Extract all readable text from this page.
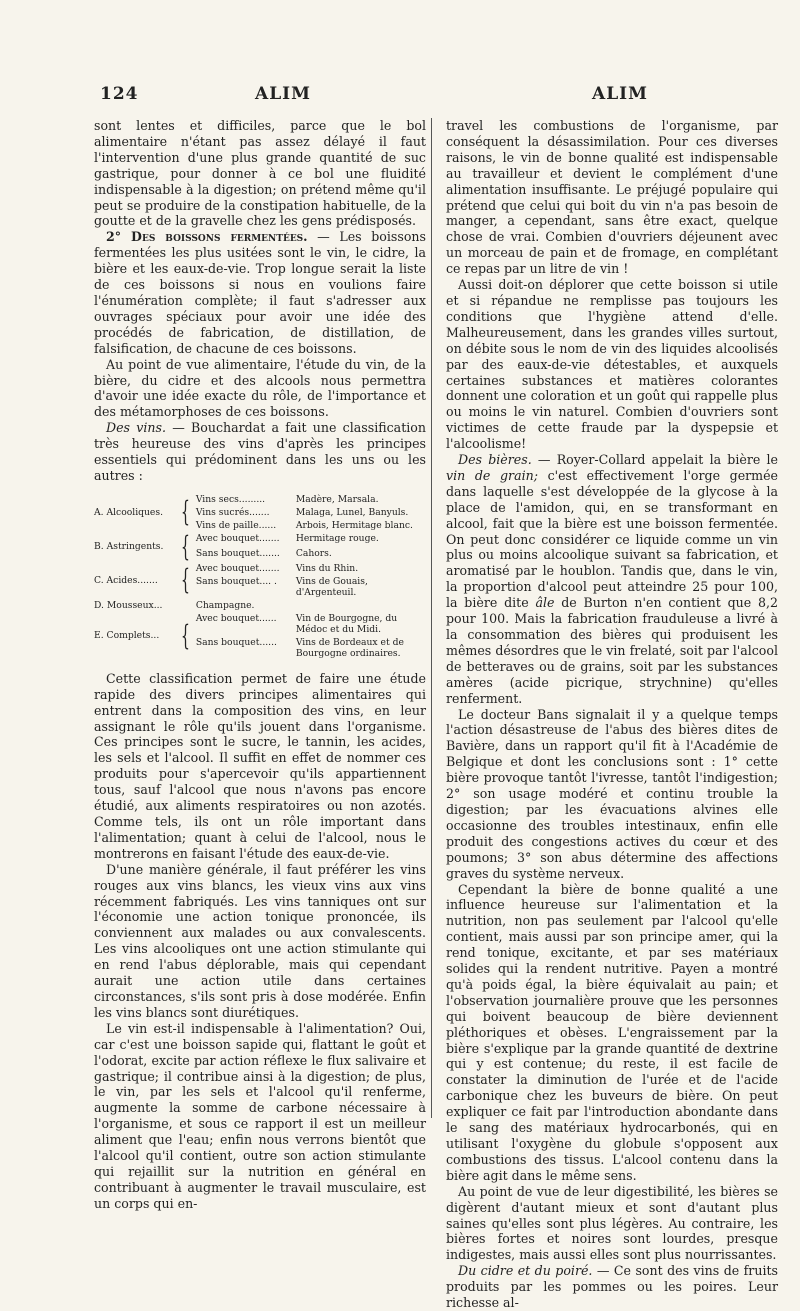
124	ALIM	ALIM

sont lentes et difficiles, parce que le bol alimentaire n'étant pas assez délayé il faut l'intervention d'une plus grande quantité de suc gastrique, pour donner à ce bol une fluidité indispensable à la digestion; on prétend même qu'il peut se produire de la constipation habituelle, de la goutte et de la gravelle chez les gens prédisposés.

2° Des boissons fermentées. — Les boissons fermentées les plus usitées sont le vin, le cidre, la bière et les eaux-de-vie. Trop longue serait la liste de ces boissons si nous en voulions faire l'énumération complète; il faut s'adresser aux ouvrages spéciaux pour avoir une idée des procédés de fabrication, de distillation, de falsification, de chacune de ces boissons.

Au point de vue alimentaire, l'étude du vin, de la bière, du cidre et des alcools nous permettra d'avoir une idée exacte du rôle, de l'importance et des métamorphoses de ces boissons.

Des vins. — Bouchardat a fait une classification très heureuse des vins d'après les principes essentiels qui prédominent dans les uns ou les autres :

A. Alcooliques.	{	Vins secs.........	Madère, Marsala.
		Vins sucrés.......	Malaga, Lunel, Banyuls.
		Vins de paille......	Arbois, Hermitage blanc.
B. Astringents.	{	Avec bouquet.......	Hermitage rouge.
		Sans bouquet.......	Cahors.
C. Acides.......	{	Avec bouquet.......	Vins du Rhin.
		Sans bouquet.... .	Vins de Gouais, d'Argenteuil.
D. Mousseux...		Champagne.	
E. Complets...	{	Avec bouquet......	Vin de Bourgogne, du Médoc et du Midi.
		Sans bouquet......	Vins de Bordeaux et de Bourgogne ordinaires.

Cette classification permet de faire une étude rapide des divers principes alimentaires qui entrent dans la composition des vins, en leur assignant le rôle qu'ils jouent dans l'organisme. Ces principes sont le sucre, le tannin, les acides, les sels et l'alcool. Il suffit en effet de nommer ces produits pour s'apercevoir qu'ils appartiennent tous, sauf l'alcool que nous n'avons pas encore étudié, aux aliments respiratoires ou non azotés. Comme tels, ils ont un rôle important dans l'alimentation; quant à celui de l'alcool, nous le montrerons en faisant l'étude des eaux-de-vie.

D'une manière générale, il faut préférer les vins rouges aux vins blancs, les vieux vins aux vins récemment fabriqués. Les vins tanniques ont sur l'économie une action tonique prononcée, ils conviennent aux malades ou aux convalescents. Les vins alcooliques ont une action stimulante qui en rend l'abus déplorable, mais qui cependant aurait une action utile dans certaines circonstances, s'ils sont pris à dose modérée. Enfin les vins blancs sont diurétiques.

Le vin est-il indispensable à l'alimentation? Oui, car c'est une boisson sapide qui, flattant le goût et l'odorat, excite par action réflexe le flux salivaire et gastrique; il contribue ainsi à la digestion; de plus, le vin, par les sels et l'alcool qu'il renferme, augmente la somme de carbone nécessaire à l'organisme, et sous ce rapport il est un meilleur aliment que l'eau; enfin nous verrons bientôt que l'alcool qu'il contient, outre son action stimulante qui rejaillit sur la nutrition en général en contribuant à augmenter le travail musculaire, est un corps qui en-

travel les combustions de l'organisme, par conséquent la désassimilation. Pour ces diverses raisons, le vin de bonne qualité est indispensable au travailleur et devient le complément d'une alimentation insuffisante. Le préjugé populaire qui prétend que celui qui boit du vin n'a pas besoin de manger, a cependant, sans être exact, quelque chose de vrai. Combien d'ouvriers déjeunent avec un morceau de pain et de fromage, en complétant ce repas par un litre de vin !

Aussi doit-on déplorer que cette boisson si utile et si répandue ne remplisse pas toujours les conditions que l'hygiène attend d'elle. Malheureusement, dans les grandes villes surtout, on débite sous le nom de vin des liquides alcoolisés par des eaux-de-vie détestables, et auxquels certaines substances et matières colorantes donnent une coloration et un goût qui rappelle plus ou moins le vin naturel. Combien d'ouvriers sont victimes de cette fraude par la dyspepsie et l'alcoolisme!

Des bières. — Royer-Collard appelait la bière le vin de grain; c'est effectivement l'orge germée dans laquelle s'est développée de la glycose à la place de l'amidon, qui, en se transformant en alcool, fait que la bière est une boisson fermentée. On peut donc considérer ce liquide comme un vin plus ou moins alcoolique suivant sa fabrication, et aromatisé par le houblon. Tandis que, dans le vin, la proportion d'alcool peut atteindre 25 pour 100, la bière dite âle de Burton n'en contient que 8,2 pour 100. Mais la fabrication frauduleuse a livré à la consommation des bières qui produisent les mêmes désordres que le vin frelaté, soit par l'alcool de betteraves ou de grains, soit par les substances amères (acide picrique, strychnine) qu'elles renferment.

Le docteur Bans signalait il y a quelque temps l'action désastreuse de l'abus des bières dites de Bavière, dans un rapport qu'il fit à l'Académie de Belgique et dont les conclusions sont : 1° cette bière provoque tantôt l'ivresse, tantôt l'indigestion; 2° son usage modéré et continu trouble la digestion; par les évacuations alvines elle occasionne des troubles intestinaux, enfin elle produit des congestions actives du cœur et des poumons; 3° son abus détermine des affections graves du système nerveux.

Cependant la bière de bonne qualité a une influence heureuse sur l'alimentation et la nutrition, non pas seulement par l'alcool qu'elle contient, mais aussi par son principe amer, qui la rend tonique, excitante, et par ses matériaux solides qui la rendent nutritive. Payen a montré qu'à poids égal, la bière équivalait au pain; et l'observation journalière prouve que les personnes qui boivent beaucoup de bière deviennent pléthoriques et obèses. L'engraissement par la bière s'explique par la grande quantité de dextrine qui y est contenue; du reste, il est facile de constater la diminution de l'urée et de l'acide carbonique chez les buveurs de bière. On peut expliquer ce fait par l'introduction abondante dans le sang des matériaux hydrocarbonés, qui en utilisant l'oxygène du globule s'opposent aux combustions des tissus. L'alcool contenu dans la bière agit dans le même sens.

Au point de vue de leur digestibilité, les bières se digèrent d'autant mieux et sont d'autant plus saines qu'elles sont plus légères. Au contraire, les bières fortes et noires sont lourdes, presque indigestes, mais aussi elles sont plus nourrissantes.

Du cidre et du poiré. — Ce sont des vins de fruits produits par les pommes ou les poires. Leur richesse al-
